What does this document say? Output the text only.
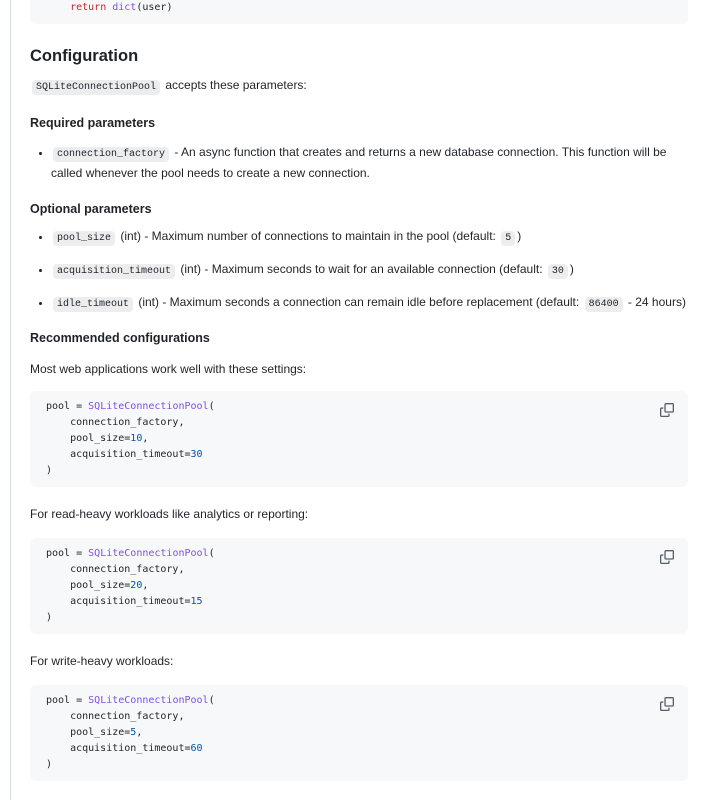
return dict(user)
Configuration

SQLiteConnectionPool accepts these parameters:

Required parameters
• connection_factory - An async function that creates and returns a new database connection. This function will be called whenever the pool needs to create a new connection.
Optional parameters
• pool_size (int) - Maximum number of connections to maintain in the pool (default: 5 )
• acquisition_timeout (int) - Maximum seconds to wait for an available connection (default: 30 )
• idle_timeout (int) - Maximum seconds a connection can remain idle before replacement (default: 86400 - 24 hours)
Recommended configurations

Most web applications work well with these settings:

pool = SQLiteConnectionPool(
connection_factory,
pool_size=10,
acquisition_timeout=30
)

For read-heavy workloads like analytics or reporting:

pool = SQLiteConnectionPool(
connection_factory,
pool_size=20,
acquisition_timeout=15
)

For write-heavy workloads:

pool = SQLiteConnectionPool(
connection_factory,
pool_size=5,
acquisition_timeout=60
)
